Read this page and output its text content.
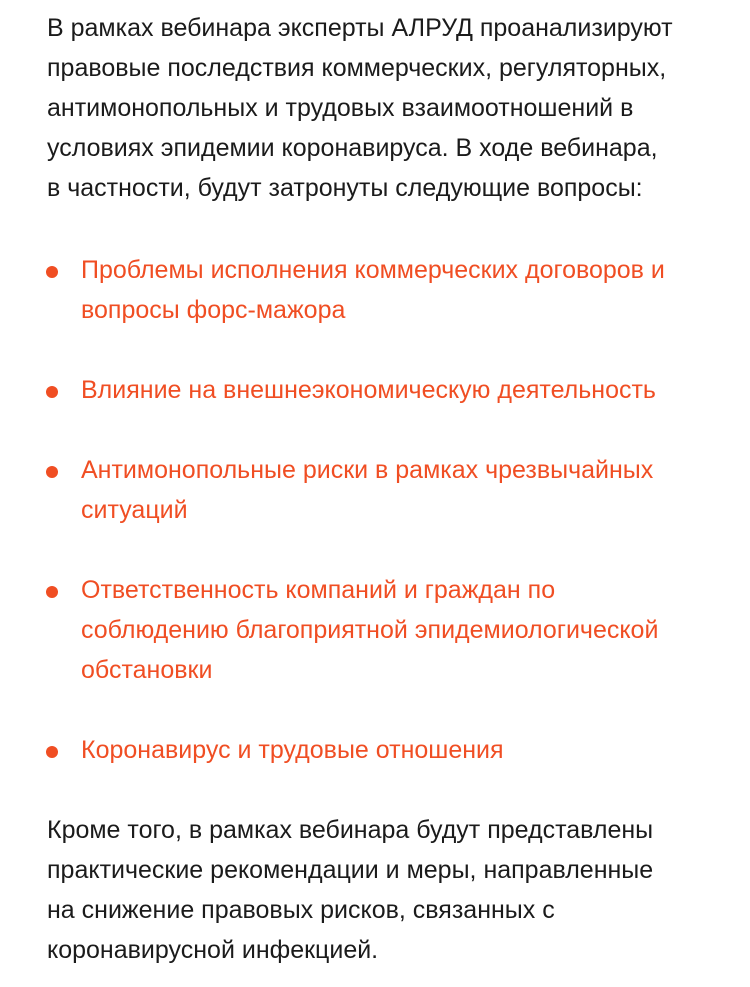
В рамках вебинара эксперты АЛРУД проанализируют
правовые последствия коммерческих, регуляторных,
антимонопольных и трудовых взаимоотношений в
условиях эпидемии коронавируса. В ходе вебинара,
в частности, будут затронуты следующие вопросы:

Проблемы исполнения коммерческих договоров и
вопросы форс-мажора
Влияние на внешнеэкономическую деятельность
Антимонопольные риски в рамках чрезвычайных
ситуаций
Ответственность компаний и граждан по
соблюдению благоприятной эпидемиологической
обстановки
Коронавирус и трудовые отношения

Кроме того, в рамках вебинара будут представлены
практические рекомендации и меры, направленные
на снижение правовых рисков, связанных с
коронавирусной инфекцией.
